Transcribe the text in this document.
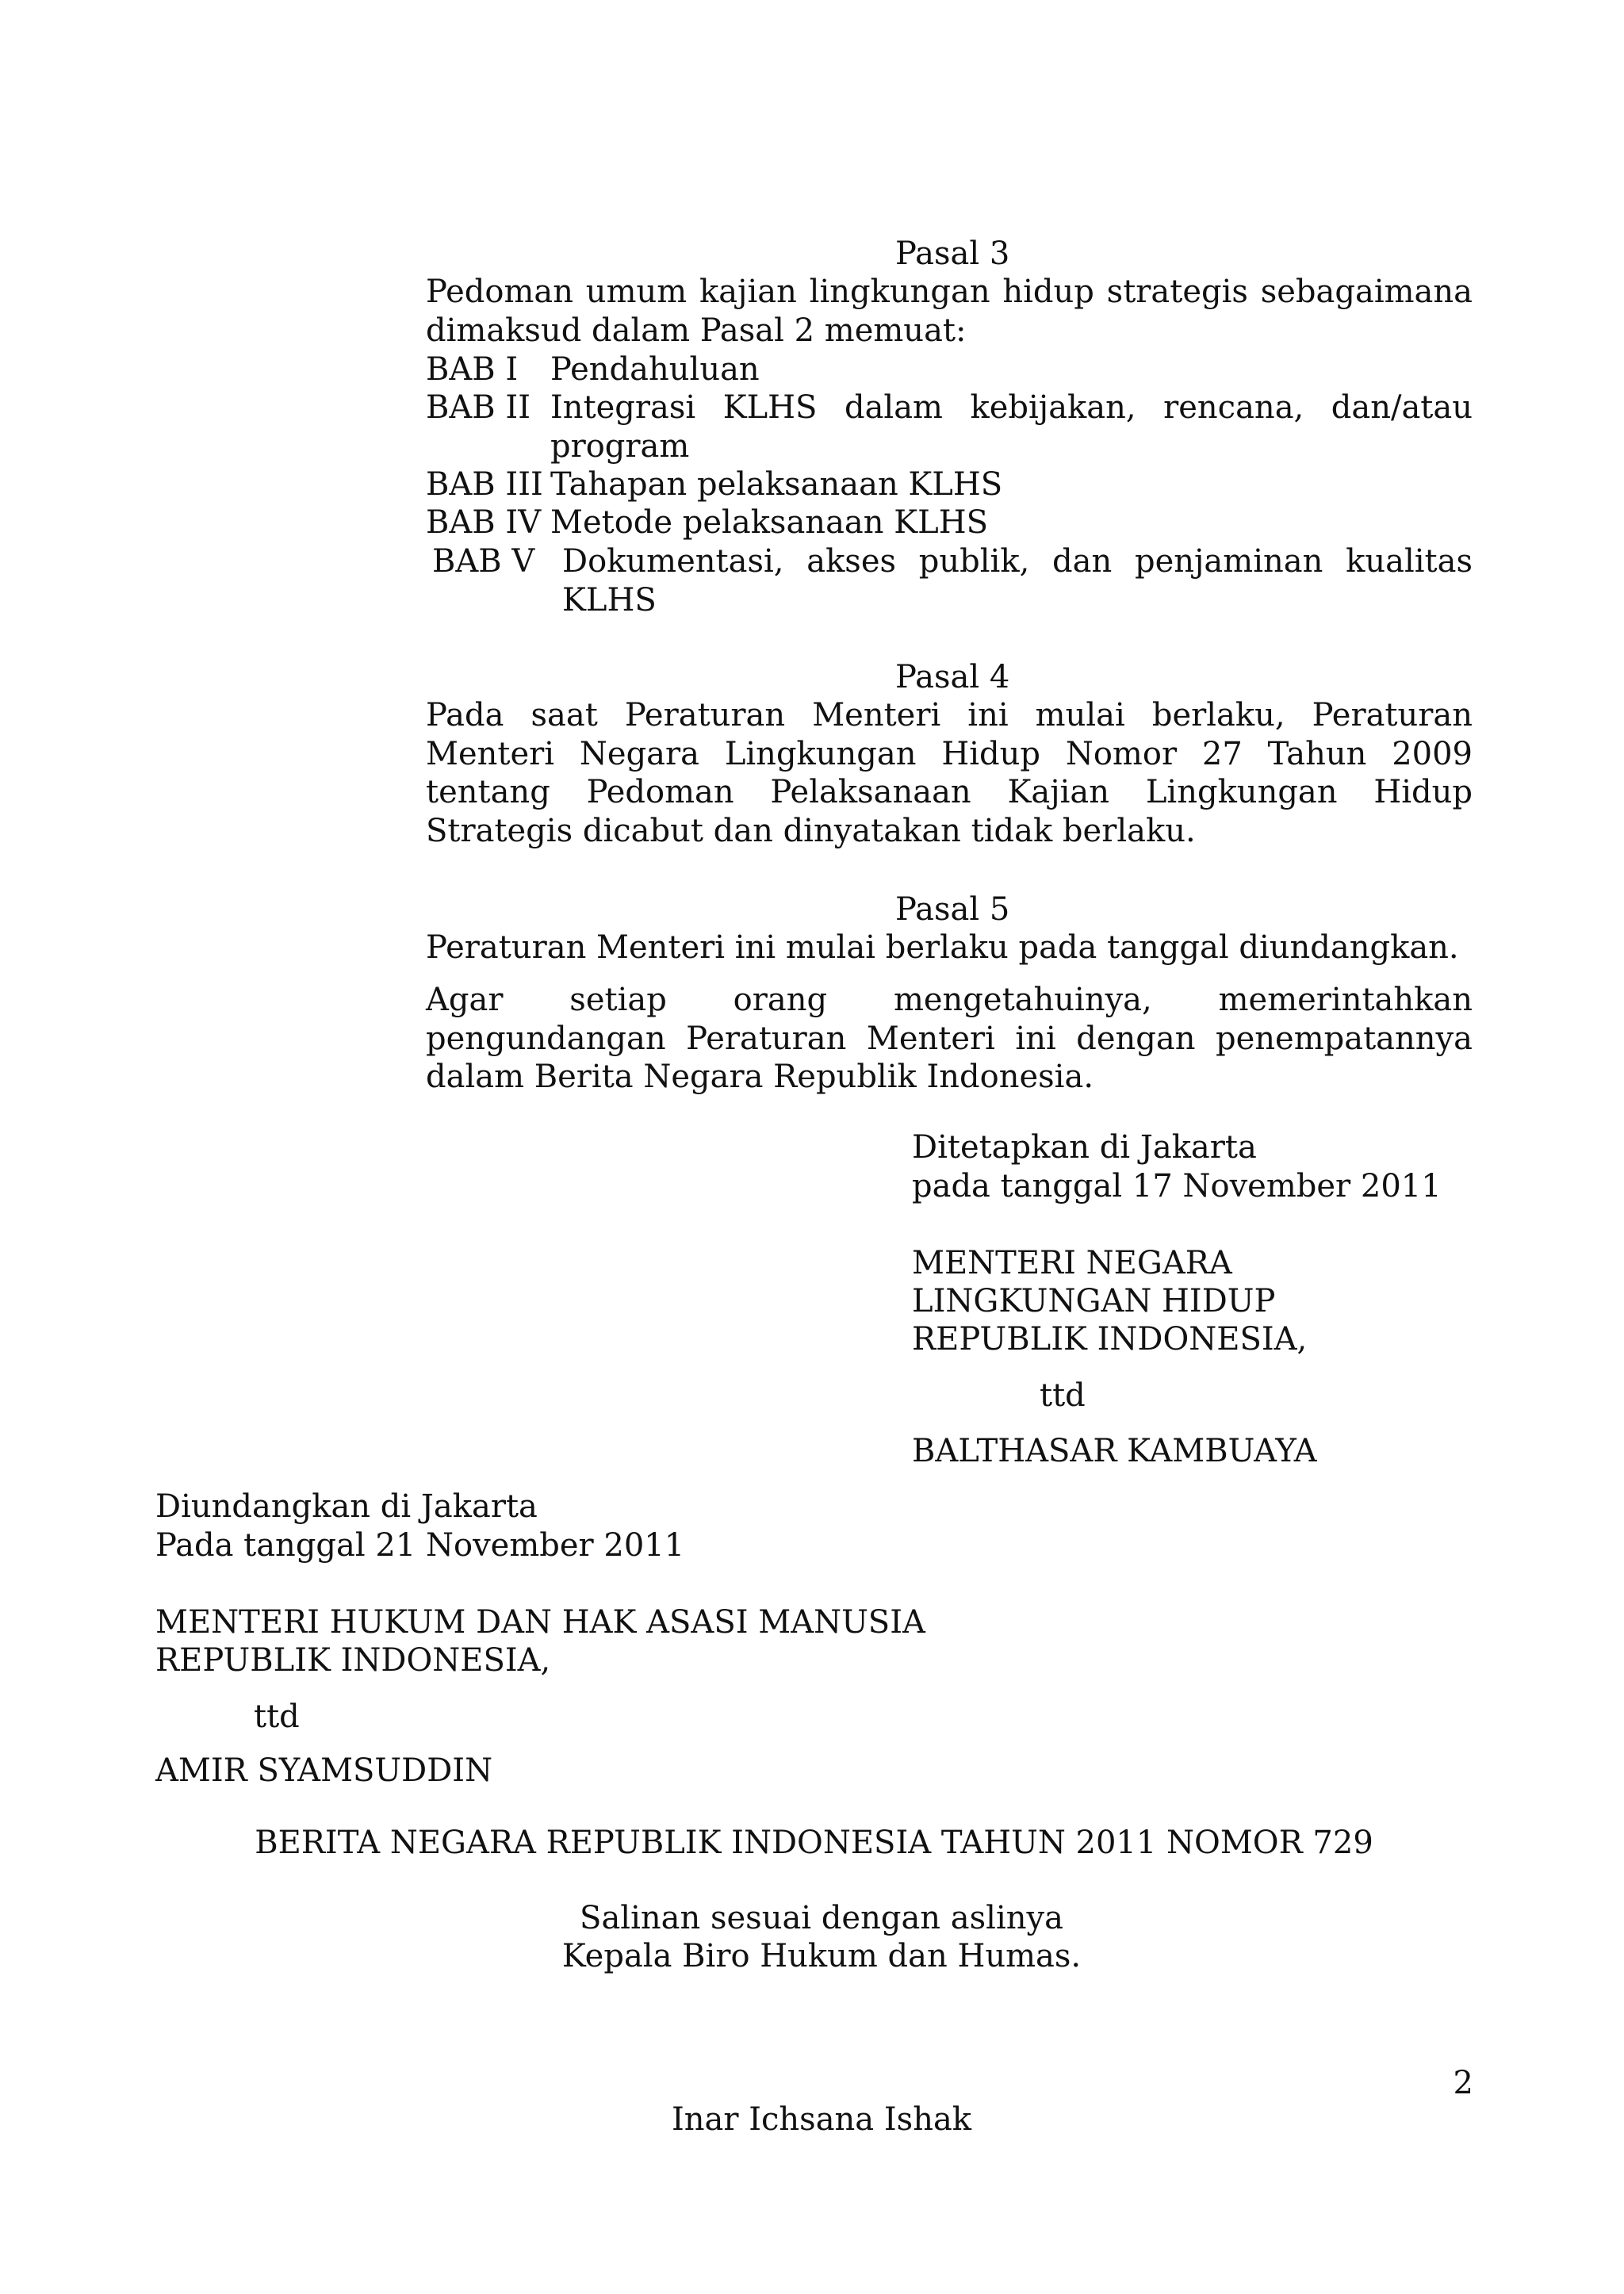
Pasal 3
Pedoman umum kajian lingkungan hidup strategis sebagaimana dimaksud dalam Pasal 2 memuat:
BAB I Pendahuluan
BAB II Integrasi KLHS dalam kebijakan, rencana, dan/atau program
BAB III Tahapan pelaksanaan KLHS
BAB IV Metode pelaksanaan KLHS
BAB V Dokumentasi, akses publik, dan penjaminan kualitas KLHS
Pasal 4
Pada saat Peraturan Menteri ini mulai berlaku, Peraturan Menteri Negara Lingkungan Hidup Nomor 27 Tahun 2009 tentang Pedoman Pelaksanaan Kajian Lingkungan Hidup Strategis dicabut dan dinyatakan tidak berlaku.
Pasal 5
Peraturan Menteri ini mulai berlaku pada tanggal diundangkan.
Agar setiap orang mengetahuinya, memerintahkan pengundangan Peraturan Menteri ini dengan penempatannya dalam Berita Negara Republik Indonesia.
Ditetapkan di Jakarta
pada tanggal 17 November 2011
MENTERI NEGARA
LINGKUNGAN HIDUP
REPUBLIK INDONESIA,
ttd
BALTHASAR KAMBUAYA
Diundangkan di Jakarta
Pada tanggal 21 November 2011
MENTERI HUKUM DAN HAK ASASI MANUSIA
REPUBLIK INDONESIA,
ttd
AMIR SYAMSUDDIN
BERITA NEGARA REPUBLIK INDONESIA TAHUN 2011 NOMOR 729
Salinan sesuai dengan aslinya
Kepala Biro Hukum dan Humas.
Inar Ichsana Ishak
2
